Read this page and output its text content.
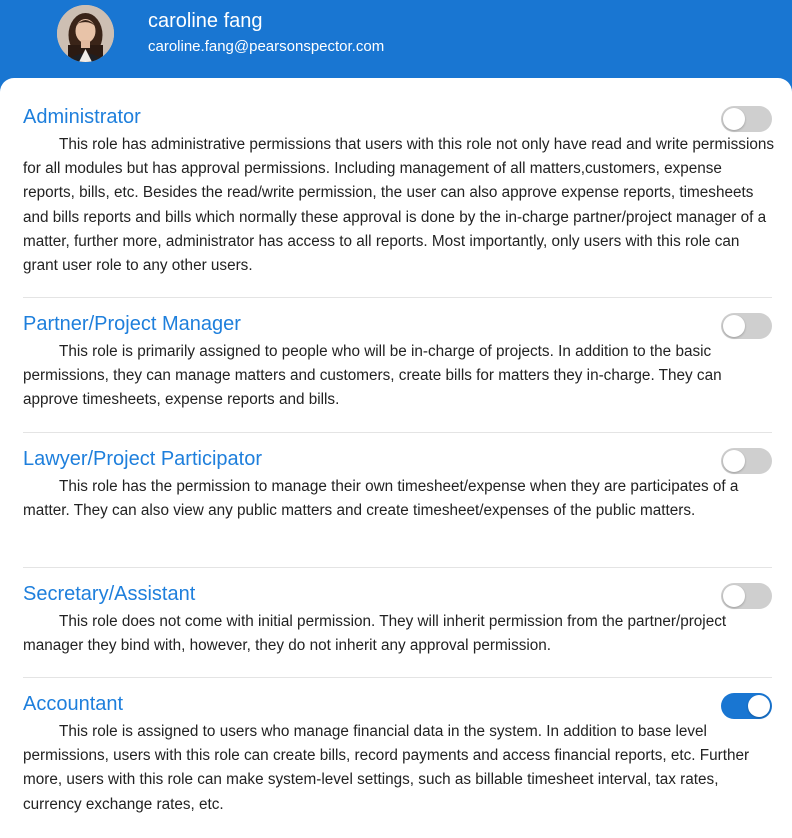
caroline fang
caroline.fang@pearsonspector.com
Administrator

This role has administrative permissions that users with this role not only have read and write permissions for all modules but has approval permissions. Including management of all matters,customers, expense reports, bills, etc. Besides the read/write permission, the user can also approve expense reports, timesheets and bills reports and bills which normally these approval is done by the in-charge partner/project manager of a matter, further more, administrator has access to all reports. Most importantly, only users with this role can grant user role to any other users.

Partner/Project Manager

This role is primarily assigned to people who will be in-charge of projects. In addition to the basic permissions, they can manage matters and customers, create bills for matters they in-charge. They can approve timesheets, expense reports and bills.

Lawyer/Project Participator

This role has the permission to manage their own timesheet/expense when they are participates of a matter. They can also view any public matters and create timesheet/expenses of the public matters.

Secretary/Assistant

This role does not come with initial permission. They will inherit permission from the partner/project manager they bind with, however, they do not inherit any approval permission.

Accountant

This role is assigned to users who manage financial data in the system. In addition to base level permissions, users with this role can create bills, record payments and access financial reports, etc. Further more, users with this role can make system-level settings, such as billable timesheet interval, tax rates, currency exchange rates, etc.
